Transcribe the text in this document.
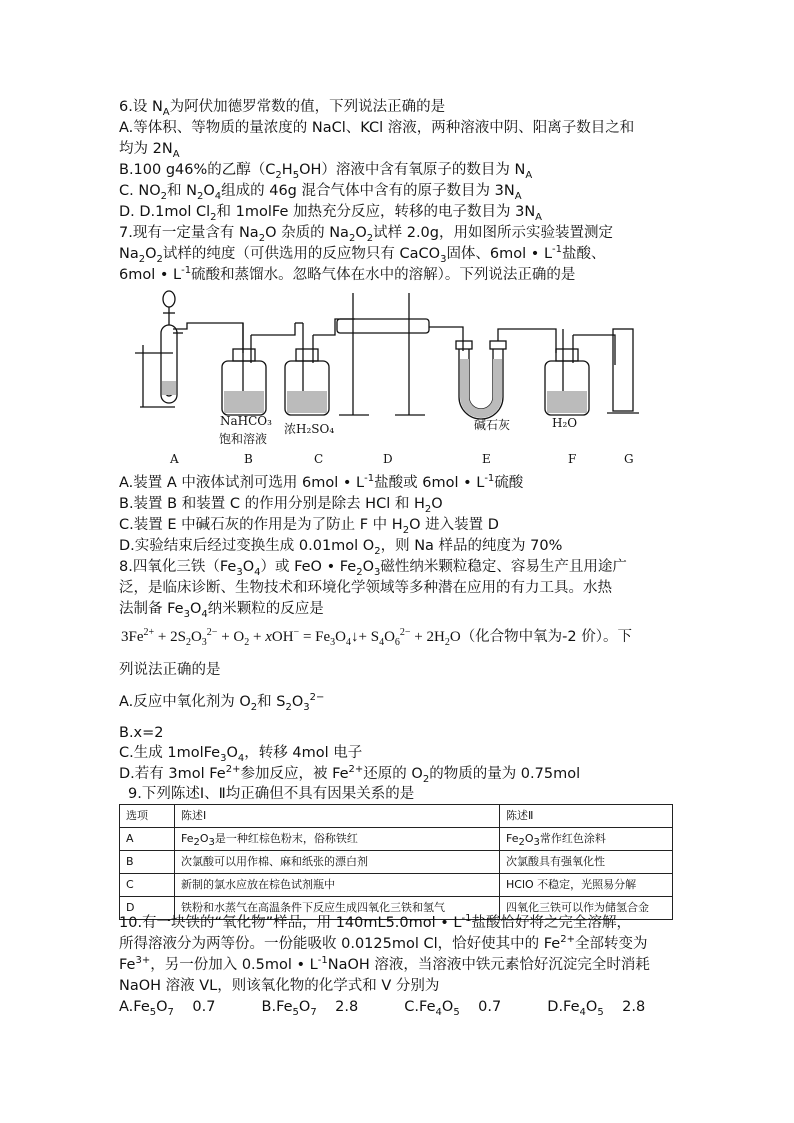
6.设 $N_A$为阿伏加德罗常数的值，下列说法正确的是
A.等体积、等物质的量浓度的 NaCl、KCl 溶液，两种溶液中阴、阳离子数目之和
均为 $2N_A$
B.100 g46%的乙醇$(C_2H_5OH)$溶液中含有氧原子的数目为 $N_A$
C. $NO_2$和 $N_2O_4$组成的 46g 混合气体中含有的原子数目为 $3N_A$
D. D.1mol $Cl_2$和 1molFe 加热充分反应，转移的电子数目为 $3N_A$
7.现有一定量含有 $Na_2O$ 杂质的 $Na_2O_2$试样 2.0g，用如图所示实验装置测定
$Na_2O_2$试样的纯度（可供选用的反应物只有 CaCO$_3$固体、6mol • $L^{-1}$盐酸、
6mol • $L^{-1}$硫酸和蒸馏水。忽略气体在水中的溶解）。下列说法正确的是
NaHCO₃
饱和溶液
浓H₂SO₄	碱石灰	H₂O
A	B	C	D	E	F	G
A.装置 A 中液体试剂可选用 6mol • $L^{-1}$盐酸或 6mol • $L^{-1}$硫酸
B.装置 B 和装置 C 的作用分别是除去 HCl 和 $H_2O$
C.装置 E 中碱石灰的作用是为了防止 F 中 $H_2O$ 进入装置 D
D.实验结束后经过变换生成 0.01mol $O_2$，则 Na 样品的纯度为 70%
8.四氧化三铁$(Fe_3O_4)$或 FeO • $Fe_2O_3$磁性纳米颗粒稳定、容易生产且用途广
泛，是临床诊断、生物技术和环境化学领域等多种潜在应用的有力工具。水热
法制备 $Fe_3O_4$纳米颗粒的反应是
$3Fe^{2+} + 2S_2O_3^{2-} + O_2 + xOH^-$ = $Fe_3O_4↓+ S_4O_6^{2-} + 2H_2O$（化合物中氧为-2 价）。下
列说法正确的是
A.反应中氧化剂为 $O_2$和 $S_2O_3^{2-}$
B.x=2
C.生成 $1molFe_3O_4$，转移 4mol 电子
D.若有 3mol $Fe^{2+}$参加反应，被 $Fe^{2+}$还原的 $O_2$的物质的量为 0.75mol
9.下列陈述Ⅰ、Ⅱ均正确但不具有因果关系的是
选项	陈述Ⅰ	陈述Ⅱ
A	$Fe_2O_3$是一种红棕色粉末，俗称铁红	$Fe_2O_3$常作红色涂料
B	次氯酸可以用作棉、麻和纸张的漂白剂	次氯酸具有强氧化性
C	新制的氯水应放在棕色试剂瓶中	HClO 不稳定，光照易分解
D	铁粉和水蒸气在高温条件下反应生成四氧化三铁和氢气	四氧化三铁可以作为储氢合金
10.有一块铁的“氧化物”样品，用 140mL5.0mol • $L^{-1}$盐酸恰好将之完全溶解，
所得溶液分为两等份。一份能吸收 0.0125mol Cl，恰好使其中的 $Fe^{2+}$全部转变为
$Fe^{3+}$，另一份加入 0.5mol • $L^{-1}NaOH$ 溶液，当溶液中铁元素恰好沉淀完全时消耗
NaOH 溶液 VL，则该氧化物的化学式和 V 分别为
$A.Fe_5O_7$    0.7          $B.Fe_5O_7$    2.8          $C.Fe_4O_5$    0.7          $D.Fe_4O_5$    2.8
